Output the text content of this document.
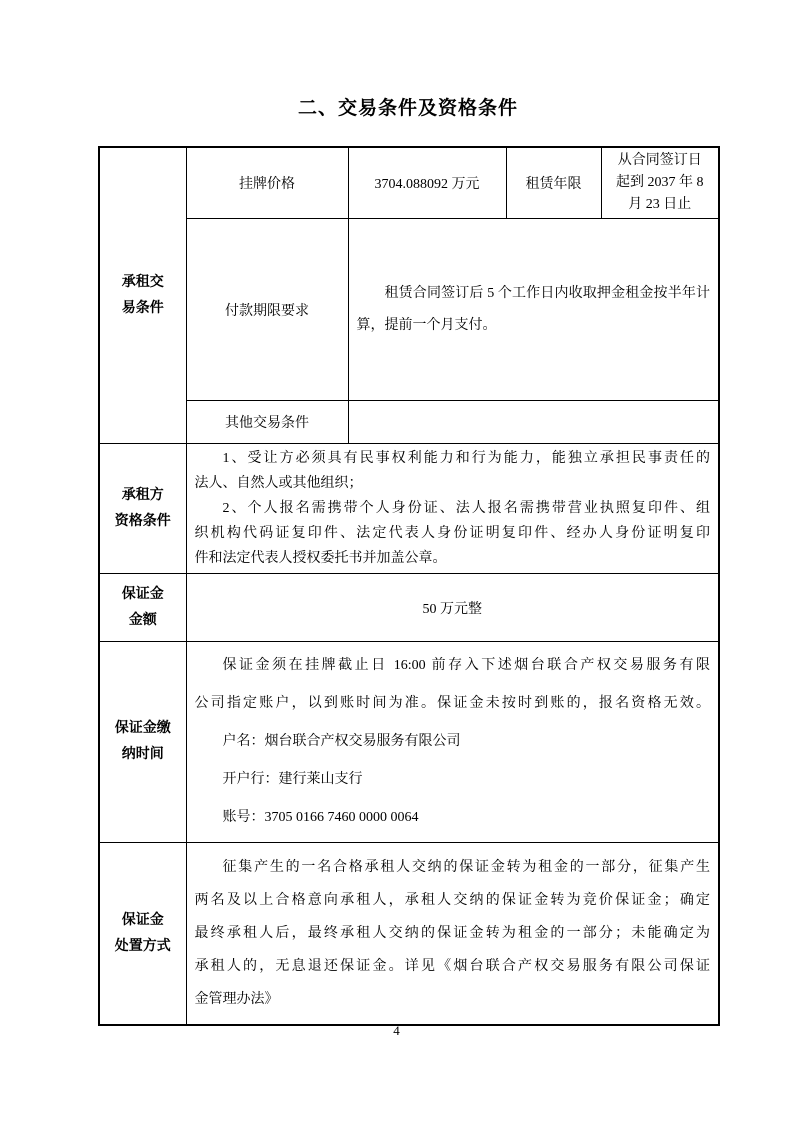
二、交易条件及资格条件
承租交
易条件	挂牌价格	3704.088092 万元	租赁年限	从合同签订日
起到 2037 年 8
月 23 日止

	付款期限要求	租赁合同签订后 5 个工作日内收取押金租金按半年计
算，提前一个月支付。		

	其他交易条件			

承租方
资格条件	1、受让方必须具有民事权利能力和行为能力，能独立承担民事责任的
法人、自然人或其他组织；
2、个人报名需携带个人身份证、法人报名需携带营业执照复印件、组
织机构代码证复印件、法定代表人身份证明复印件、经办人身份证明复印
件和法定代表人授权委托书并加盖公章。			

保证金
金额	50 万元整			

保证金缴
纳时间	保证金须在挂牌截止日 16:00 前存入下述烟台联合产权交易服务有限
公司指定账户，以到账时间为准。保证金未按时到账的，报名资格无效。
户名：烟台联合产权交易服务有限公司
开户行：建行莱山支行
账号：3705 0166 7460 0000 0064			

保证金
处置方式	征集产生的一名合格承租人交纳的保证金转为租金的一部分，征集产生
两名及以上合格意向承租人，承租人交纳的保证金转为竞价保证金；确定
最终承租人后，最终承租人交纳的保证金转为租金的一部分；未能确定为
承租人的，无息退还保证金。详见《烟台联合产权交易服务有限公司保证
金管理办法》			
4
